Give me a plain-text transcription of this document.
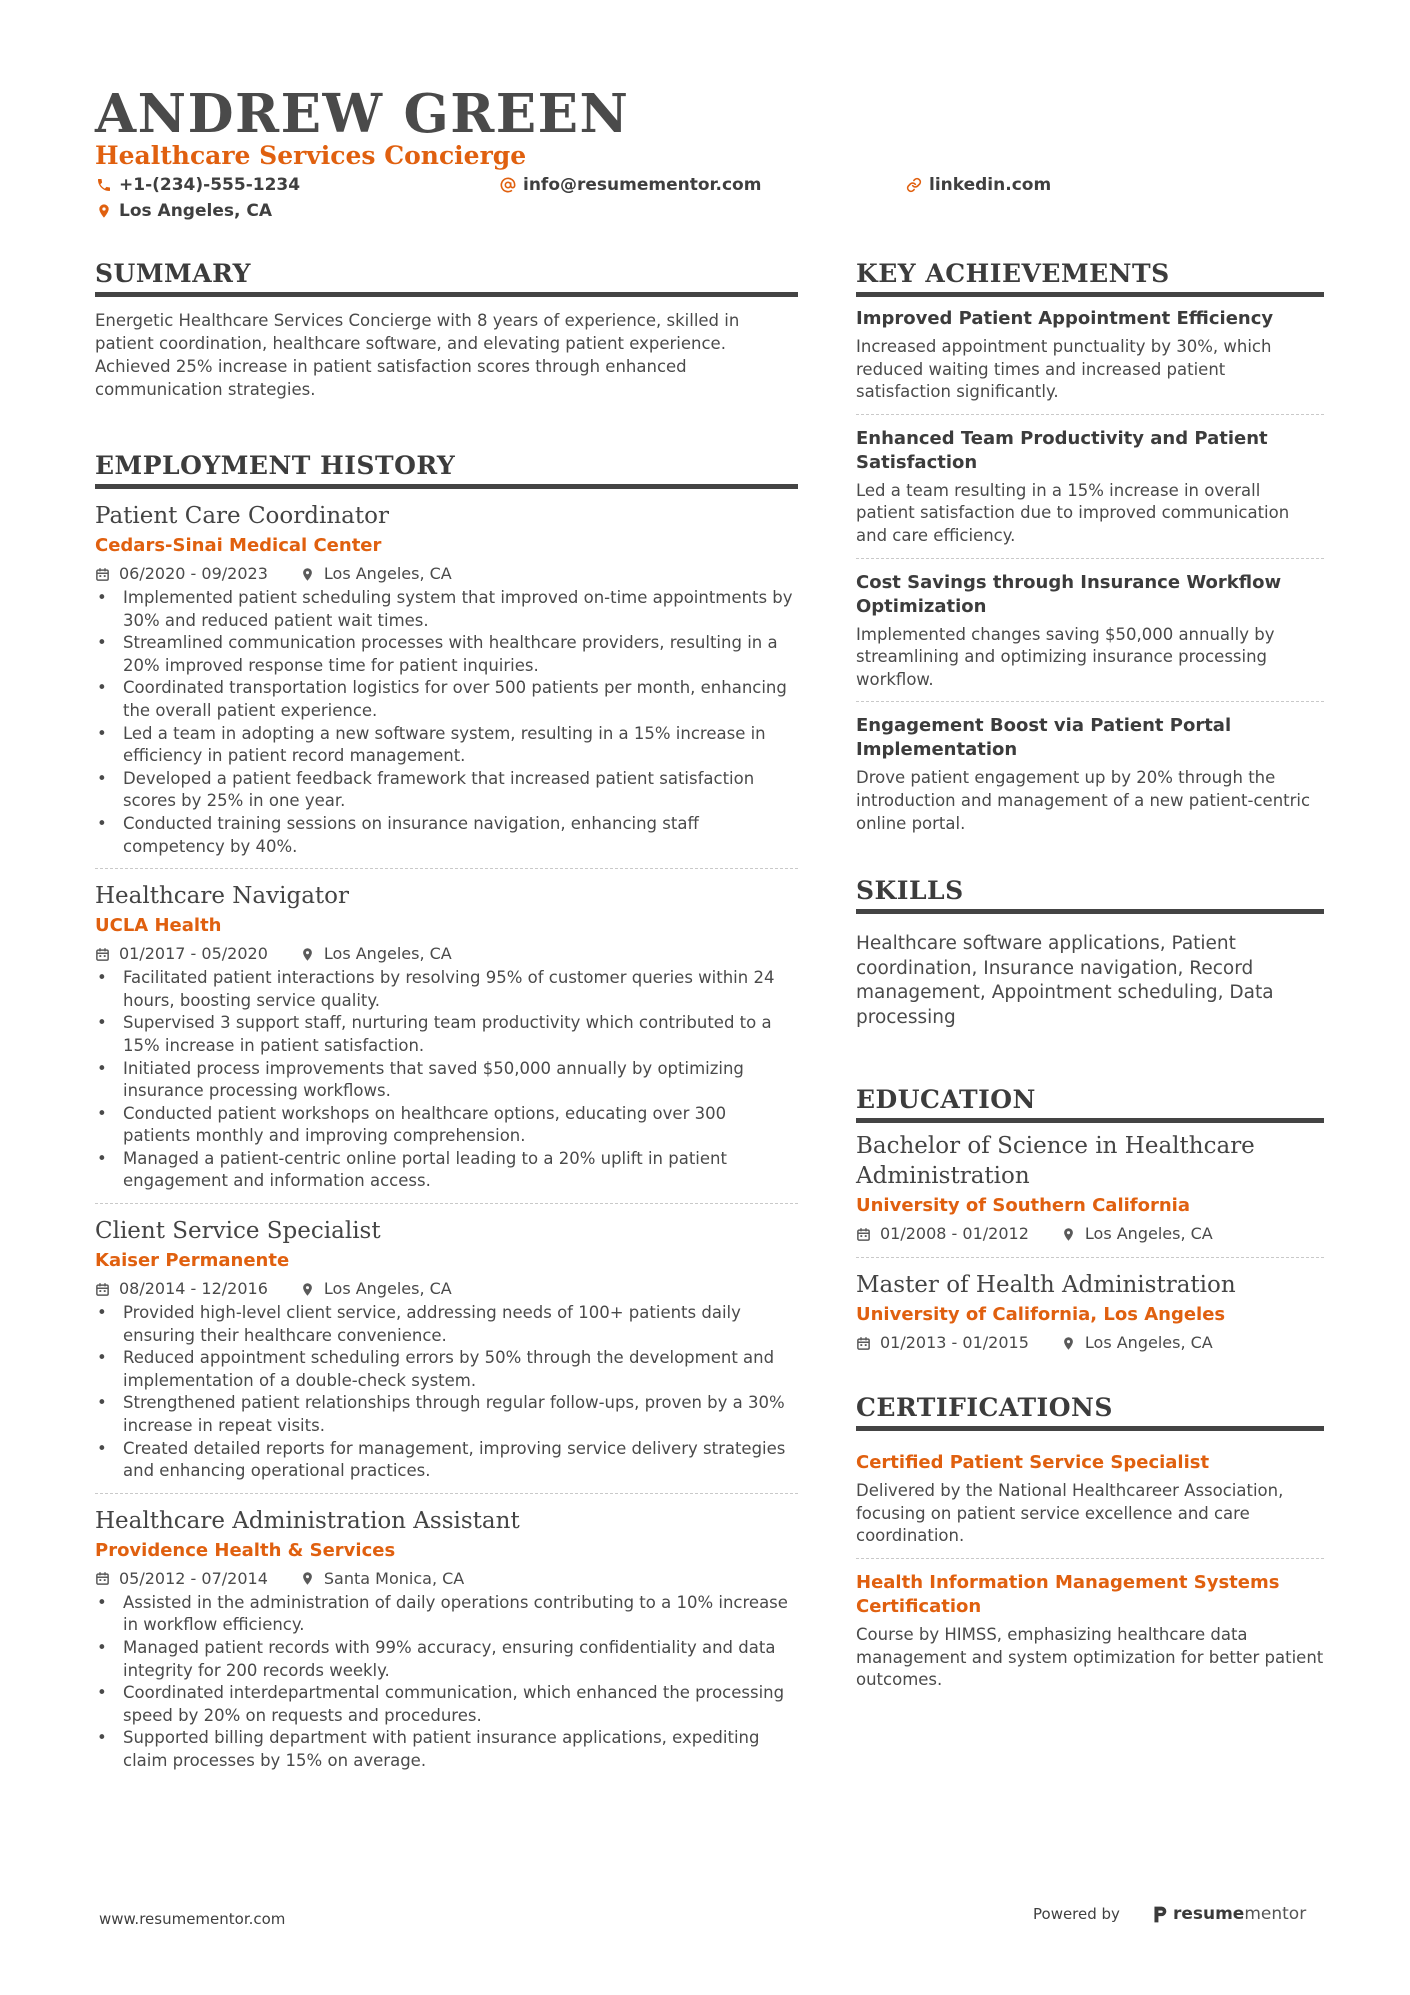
ANDREW GREEN
Healthcare Services Concierge
+1-(234)-555-1234	info@resumementor.com	linkedin.com
Los Angeles, CA
SUMMARY
Energetic Healthcare Services Concierge with 8 years of experience, skilled in patient coordination, healthcare software, and elevating patient experience. Achieved 25% increase in patient satisfaction scores through enhanced communication strategies.
EMPLOYMENT HISTORY
Patient Care Coordinator
Cedars-Sinai Medical Center
06/2020 - 09/2023	Los Angeles, CA
• Implemented patient scheduling system that improved on-time appointments by 30% and reduced patient wait times.
• Streamlined communication processes with healthcare providers, resulting in a 20% improved response time for patient inquiries.
• Coordinated transportation logistics for over 500 patients per month, enhancing the overall patient experience.
• Led a team in adopting a new software system, resulting in a 15% increase in efficiency in patient record management.
• Developed a patient feedback framework that increased patient satisfaction scores by 25% in one year.
• Conducted training sessions on insurance navigation, enhancing staff competency by 40%.
Healthcare Navigator
UCLA Health
01/2017 - 05/2020	Los Angeles, CA
• Facilitated patient interactions by resolving 95% of customer queries within 24 hours, boosting service quality.
• Supervised 3 support staff, nurturing team productivity which contributed to a 15% increase in patient satisfaction.
• Initiated process improvements that saved $50,000 annually by optimizing insurance processing workflows.
• Conducted patient workshops on healthcare options, educating over 300 patients monthly and improving comprehension.
• Managed a patient-centric online portal leading to a 20% uplift in patient engagement and information access.
Client Service Specialist
Kaiser Permanente
08/2014 - 12/2016	Los Angeles, CA
• Provided high-level client service, addressing needs of 100+ patients daily ensuring their healthcare convenience.
• Reduced appointment scheduling errors by 50% through the development and implementation of a double-check system.
• Strengthened patient relationships through regular follow-ups, proven by a 30% increase in repeat visits.
• Created detailed reports for management, improving service delivery strategies and enhancing operational practices.
Healthcare Administration Assistant
Providence Health & Services
05/2012 - 07/2014	Santa Monica, CA
• Assisted in the administration of daily operations contributing to a 10% increase in workflow efficiency.
• Managed patient records with 99% accuracy, ensuring confidentiality and data integrity for 200 records weekly.
• Coordinated interdepartmental communication, which enhanced the processing speed by 20% on requests and procedures.
• Supported billing department with patient insurance applications, expediting claim processes by 15% on average.
KEY ACHIEVEMENTS
Improved Patient Appointment Efficiency
Increased appointment punctuality by 30%, which reduced waiting times and increased patient satisfaction significantly.
Enhanced Team Productivity and Patient Satisfaction
Led a team resulting in a 15% increase in overall patient satisfaction due to improved communication and care efficiency.
Cost Savings through Insurance Workflow Optimization
Implemented changes saving $50,000 annually by streamlining and optimizing insurance processing workflow.
Engagement Boost via Patient Portal Implementation
Drove patient engagement up by 20% through the introduction and management of a new patient-centric online portal.
SKILLS
Healthcare software applications, Patient coordination, Insurance navigation, Record management, Appointment scheduling, Data processing
EDUCATION
Bachelor of Science in Healthcare Administration
University of Southern California
01/2008 - 01/2012	Los Angeles, CA
Master of Health Administration
University of California, Los Angeles
01/2013 - 01/2015	Los Angeles, CA
CERTIFICATIONS
Certified Patient Service Specialist
Delivered by the National Healthcareer Association, focusing on patient service excellence and care coordination.
Health Information Management Systems Certification
Course by HIMSS, emphasizing healthcare data management and system optimization for better patient outcomes.
www.resumementor.com	Powered by	resume mentor
